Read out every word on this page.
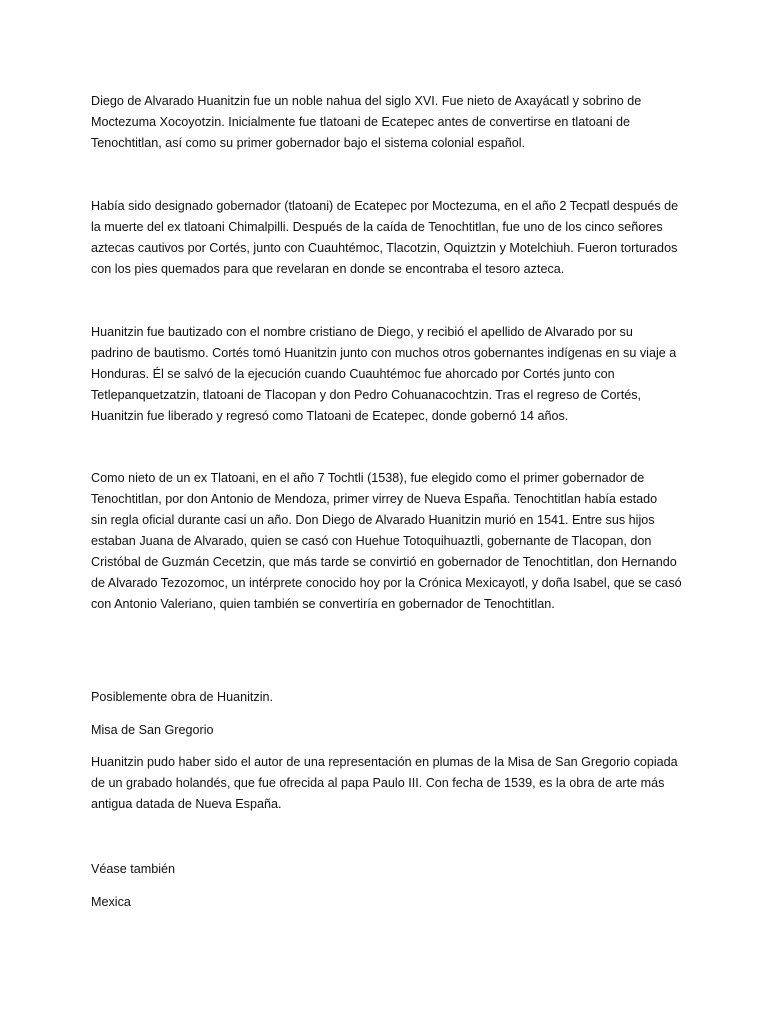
Diego de Alvarado Huanitzin fue un noble nahua del siglo XVI. Fue nieto de Axayácatl y sobrino de
Moctezuma Xocoyotzin. Inicialmente fue tlatoani de Ecatepec antes de convertirse en tlatoani de
Tenochtitlan, así como su primer gobernador bajo el sistema colonial español.

Había sido designado gobernador (tlatoani) de Ecatepec por Moctezuma, en el año 2 Tecpatl después de
la muerte del ex tlatoani Chimalpilli. Después de la caída de Tenochtitlan, fue uno de los cinco señores
aztecas cautivos por Cortés, junto con Cuauhtémoc, Tlacotzin, Oquiztzin y Motelchiuh. Fueron torturados
con los pies quemados para que revelaran en donde se encontraba el tesoro azteca.

Huanitzin fue bautizado con el nombre cristiano de Diego, y recibió el apellido de Alvarado por su
padrino de bautismo. Cortés tomó Huanitzin junto con muchos otros gobernantes indígenas en su viaje a
Honduras. Él se salvó de la ejecución cuando Cuauhtémoc fue ahorcado por Cortés junto con
Tetlepanquetzatzin, tlatoani de Tlacopan y don Pedro Cohuanacochtzin. Tras el regreso de Cortés,
Huanitzin fue liberado y regresó como Tlatoani de Ecatepec, donde gobernó 14 años.

Como nieto de un ex Tlatoani, en el año 7 Tochtli (1538), fue elegido como el primer gobernador de
Tenochtitlan, por don Antonio de Mendoza, primer virrey de Nueva España. Tenochtitlan había estado
sin regla oficial durante casi un año. Don Diego de Alvarado Huanitzin murió en 1541. Entre sus hijos
estaban Juana de Alvarado, quien se casó con Huehue Totoquihuaztli, gobernante de Tlacopan, don
Cristóbal de Guzmán Cecetzin, que más tarde se convirtió en gobernador de Tenochtitlan, don Hernando
de Alvarado Tezozomoc, un intérprete conocido hoy por la Crónica Mexicayotl, y doña Isabel, que se casó
con Antonio Valeriano, quien también se convertiría en gobernador de Tenochtitlan.

Posiblemente obra de Huanitzin.

Misa de San Gregorio

Huanitzin pudo haber sido el autor de una representación en plumas de la Misa de San Gregorio copiada
de un grabado holandés, que fue ofrecida al papa Paulo III. Con fecha de 1539, es la obra de arte más
antigua datada de Nueva España.

Véase también

Mexica
